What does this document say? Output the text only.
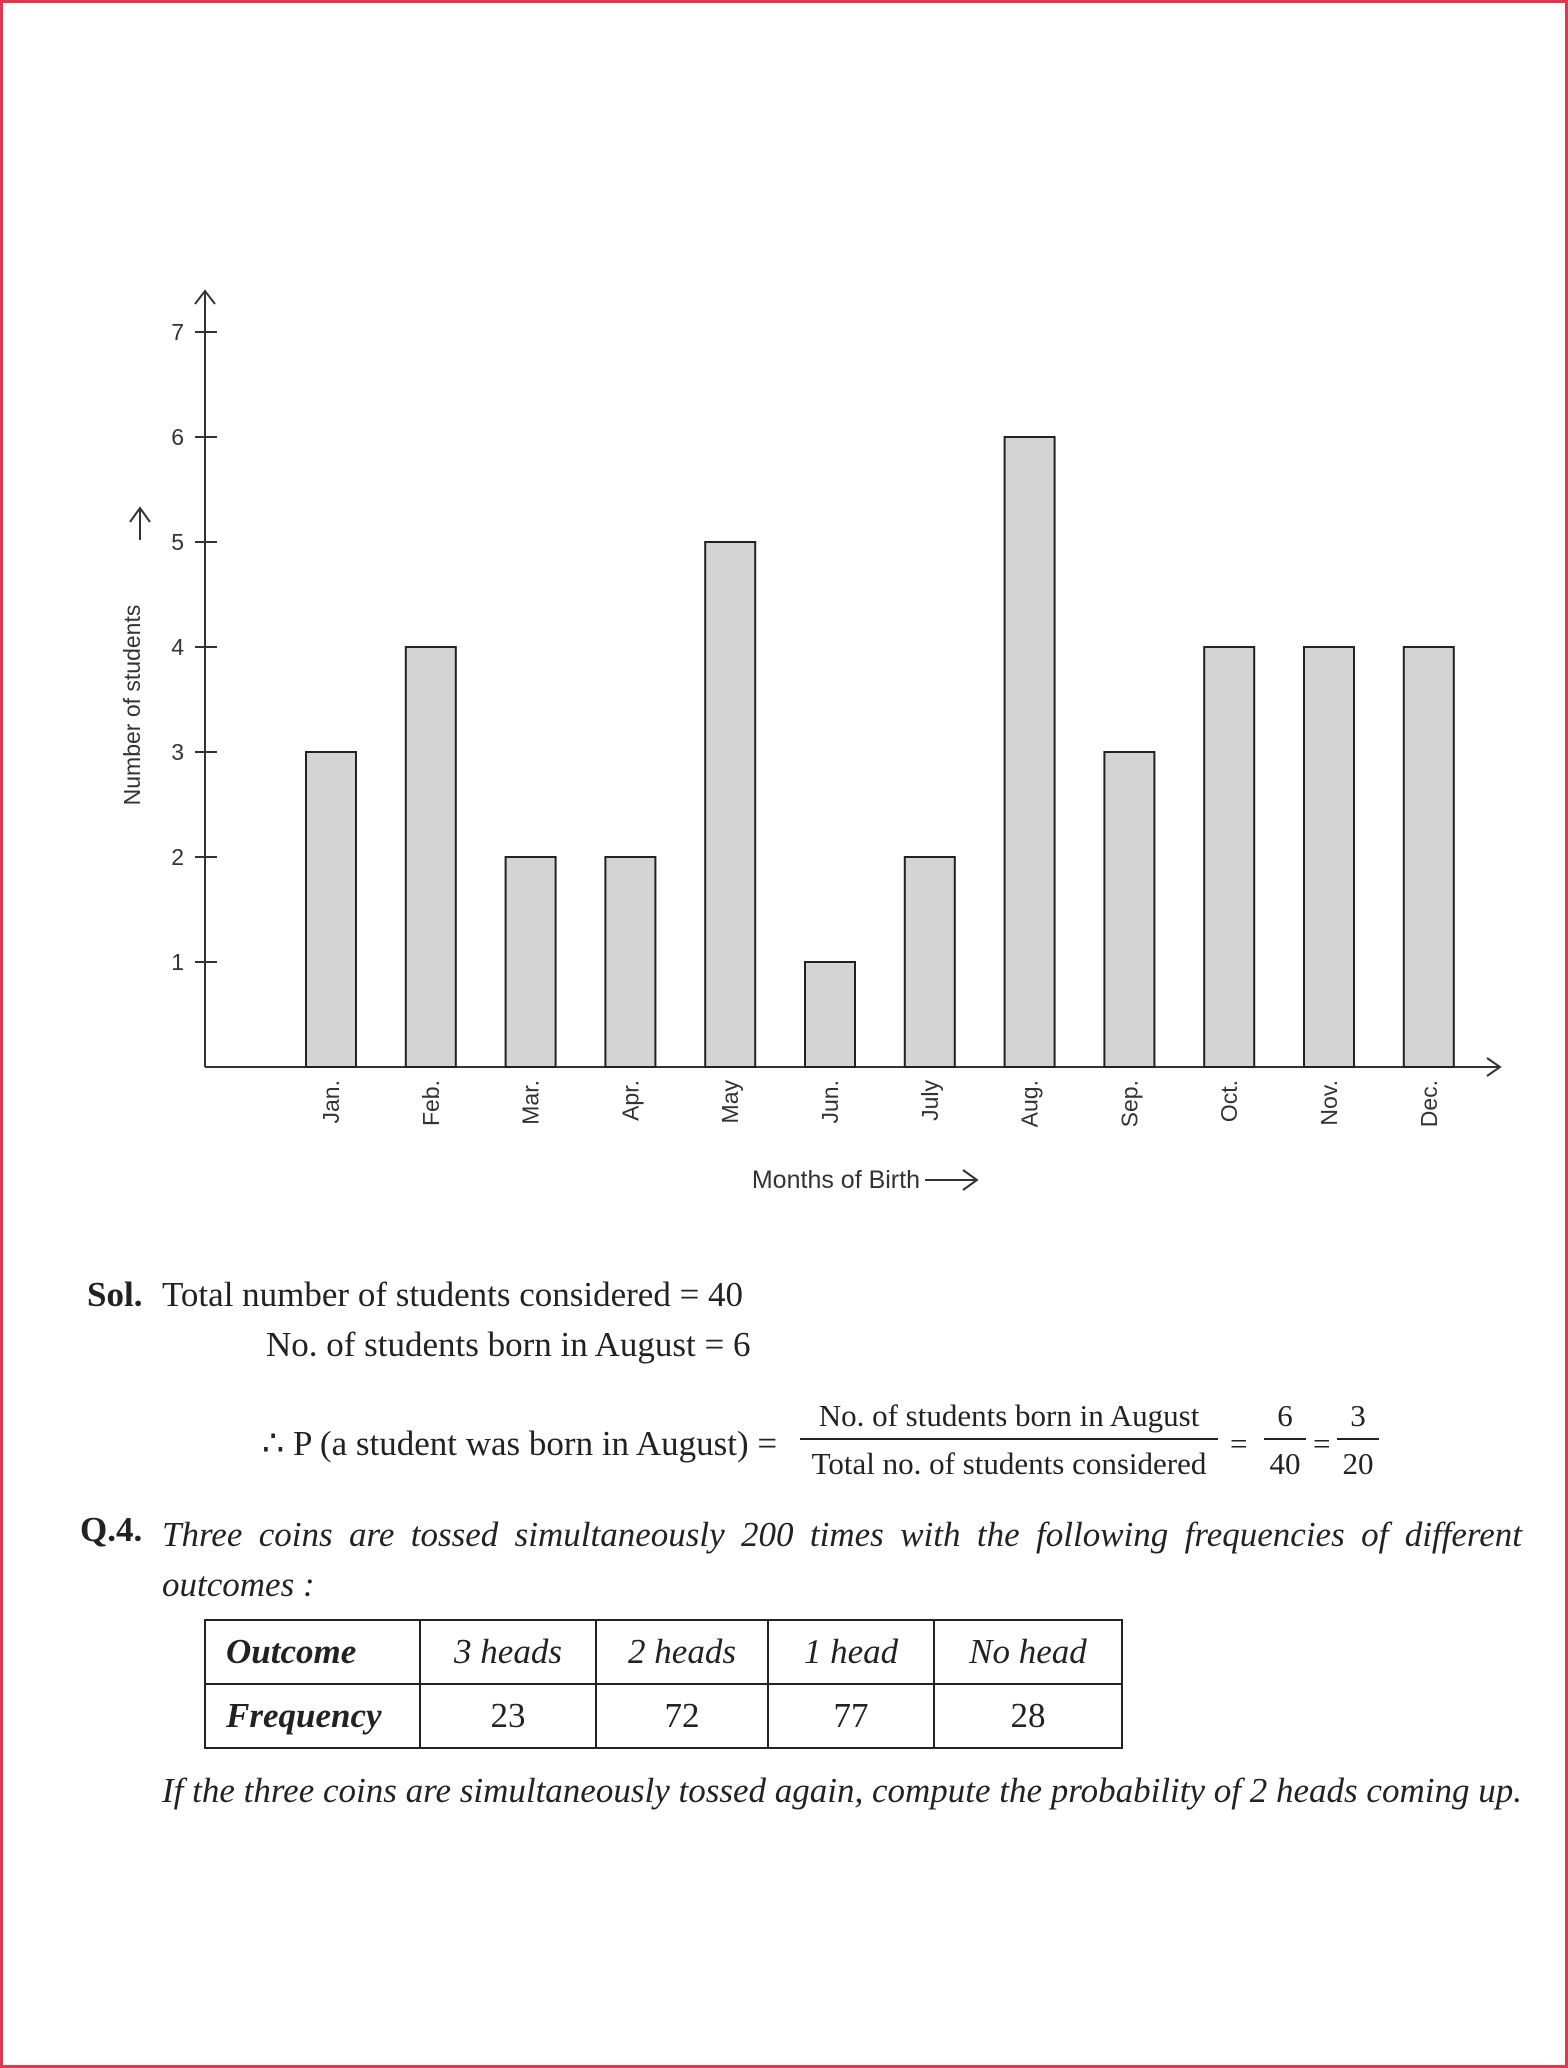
1
2
3
4
5
6
7
Jan.	Feb.	Mar.	Apr.	May	Jun.	July	Aug.	Sep.	Oct.	Nov.	Dec.
Number of students
Months of Birth
Sol. Total number of students considered = 40
No. of students born in August = 6
∴ P (a student was born in August) =
No. of students born in August
Total no. of students considered
=
6
40
=
3
20
Q.4. Three coins are tossed simultaneously 200 times with the following frequencies of different outcomes :
Outcome	3 heads	2 heads	1 head	No head
Frequency	23	72	77	28
If the three coins are simultaneously tossed again, compute the probability of 2 heads coming up.
